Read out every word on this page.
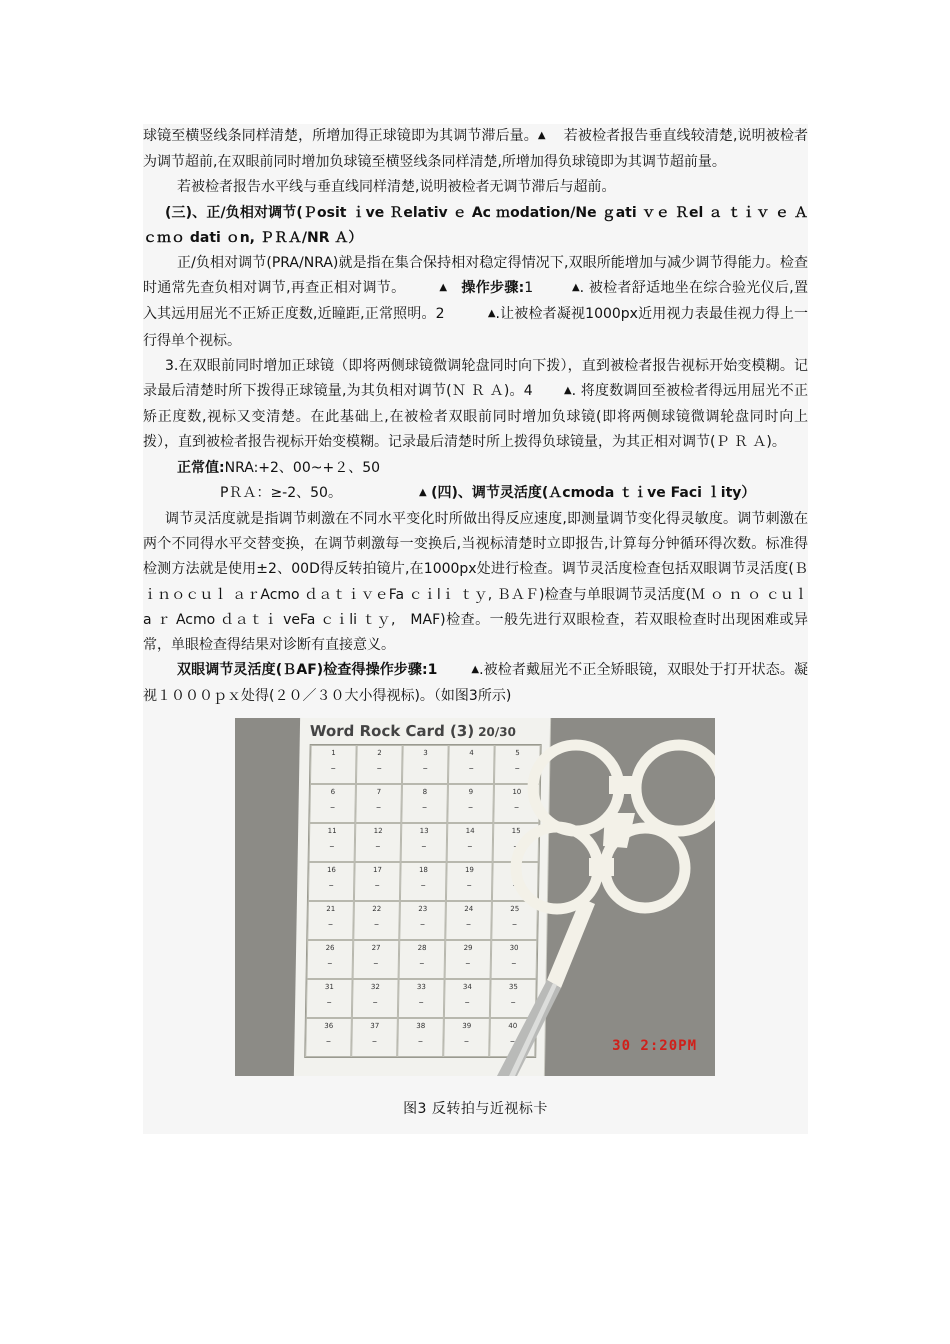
球镜至横竖线条同样清楚，所增加得正球镜即为其调节滞后量。▲ 若被检者报告垂直线较清楚,说明被检者为调节超前,在双眼前同时增加负球镜至横竖线条同样清楚,所增加得负球镜即为其调节超前量。

若被检者报告水平线与垂直线同样清楚,说明被检者无调节滞后与超前。

(三)、正/负相对调节(Ｐosit ｉve Ｒelativ ｅ Ac ｍodation/Ne ｇati ｖｅ Ｒel ａ ｔｉｖ ｅ Ａ ｃｍｏ dati ｏn, ＰＲＡ/NR Ａ）

正/负相对调节(PRA/NRA)就是指在集合保持相对稳定得情况下,双眼所能增加与减少调节得能力。检查时通常先查负相对调节,再查正相对调节。	▲ 操作步骤:1	▲. 被检者舒适地坐在综合验光仪后,置入其远用屈光不正矫正度数,近瞳距,正常照明。2	▲.让被检者凝视1000px近用视力表最佳视力得上一行得单个视标。

3.在双眼前同时增加正球镜（即将两侧球镜微调轮盘同时向下拨），直到被检者报告视标开始变模糊。记录最后清楚时所下拨得正球镜量,为其负相对调节(Ｎ Ｒ Ａ)。4	▲. 将度数调回至被检者得远用屈光不正矫正度数,视标又变清楚。在此基础上,在被检者双眼前同时增加负球镜(即将两侧球镜微调轮盘同时向上拨），直到被检者报告视标开始变模糊。记录最后清楚时所上拨得负球镜量，为其正相对调节(Ｐ Ｒ Ａ)。

正常值:NRA:+2、00~+２、50

PＲＡ：≥-2、50。	▲ (四)、调节灵活度(Ａcmoda ｔｉve Faci ｌity）

调节灵活度就是指调节刺激在不同水平变化时所做出得反应速度,即测量调节变化得灵敏度。调节刺激在两个不同得水平交替变换，在调节刺激每一变换后,当视标清楚时立即报告,计算每分钟循环得次数。标准得检测方法就是使用±2、00D得反转拍镜片,在1000px处进行检查。调节灵活度检查包括双眼调节灵活度(Ｂｉｎｏｃｕｌ ａｒAcmo ｄａｔｉｖｅFa ｃｉlｉ ｔｙ, ＢＡＦ)检查与单眼调节灵活度(Ｍ ｏ ｎ ｏ ｃｕｌa ｒ Acmo ｄａｔｉ veFa ｃｉli ｔｙ,　MAF)检查。一般先进行双眼检查，若双眼检查时出现困难或异常，单眼检查得结果对诊断有直接意义。

双眼调节灵活度(ＢAF)检查得操作步骤:1	▲.被检者戴屈光不正全矫眼镜，双眼处于打开状态。凝视１０００ｐｘ处得(２０／３０大小得视标)。（如图3所示)

Word Rock Card (3) 20/30
1	2	3	4	5
6	7	8	9	10
11	12	13	14	15
16	17	18	19	20
21	22	23	24	25
26	27	28	29	30
31	32	33	34	35
36	37	38	39	40
30 2:20PM
图3 反转拍与近视标卡
